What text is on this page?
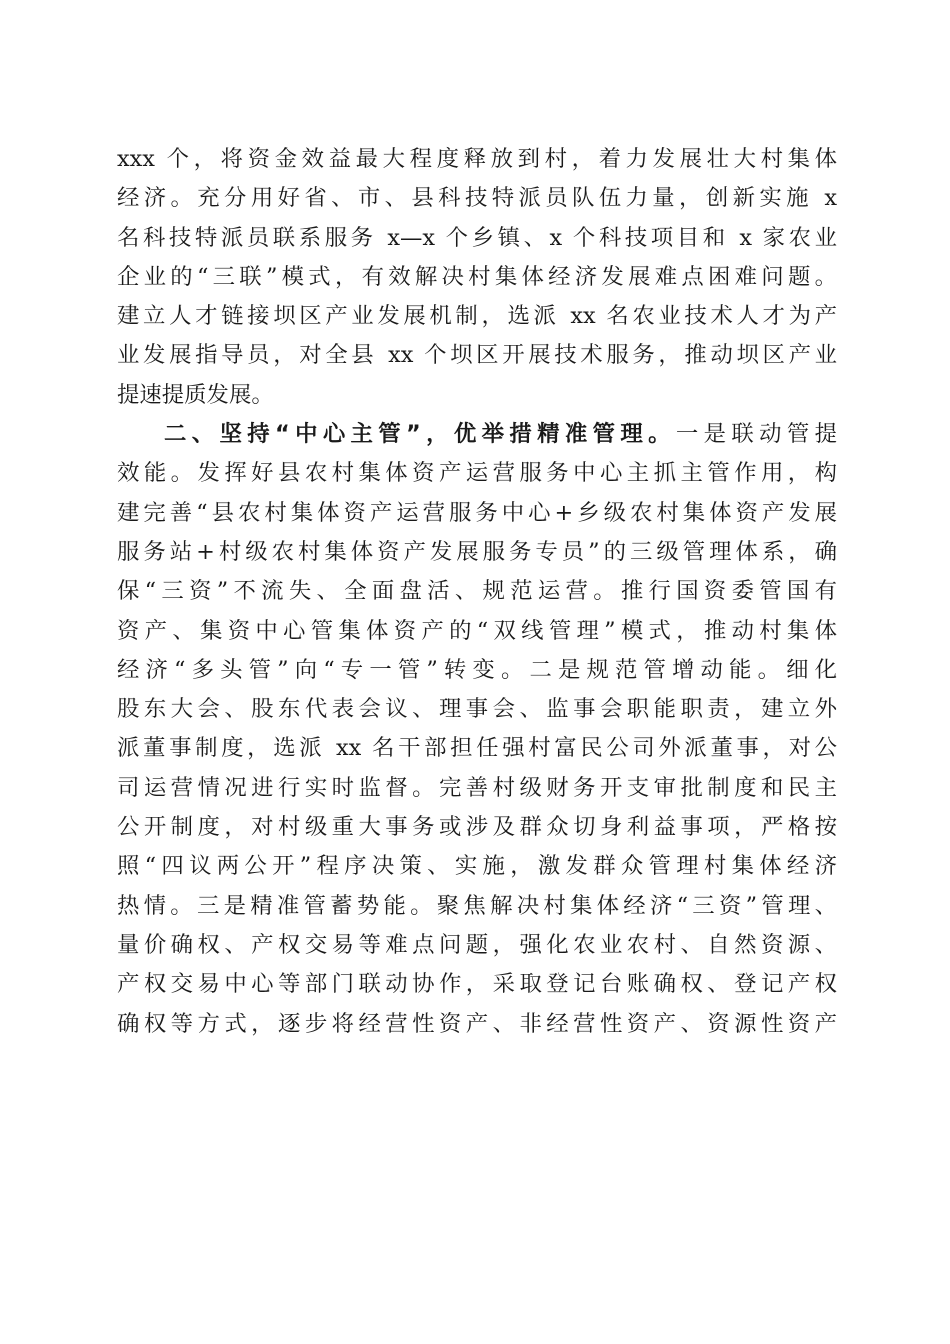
xxx 个，将资金效益最大程度释放到村，着力发展壮大村集体
经济。充分用好省、市、县科技特派员队伍力量，创新实施 x
名科技特派员联系服务 x—x 个乡镇、x 个科技项目和 x 家农业
企业的“三联”模式，有效解决村集体经济发展难点困难问题。
建立人才链接坝区产业发展机制，选派 xx 名农业技术人才为产
业发展指导员，对全县 xx 个坝区开展技术服务，推动坝区产业
提速提质发展。
二、坚持“中心主管”，优举措精准管理。一是联动管提
效能。发挥好县农村集体资产运营服务中心主抓主管作用，构
建完善“县农村集体资产运营服务中心+乡级农村集体资产发展
服务站+村级农村集体资产发展服务专员”的三级管理体系，确
保“三资”不流失、全面盘活、规范运营。推行国资委管国有
资产、集资中心管集体资产的“双线管理”模式，推动村集体
经济“多头管”向“专一管”转变。二是规范管增动能。细化
股东大会、股东代表会议、理事会、监事会职能职责，建立外
派董事制度，选派 xx 名干部担任强村富民公司外派董事，对公
司运营情况进行实时监督。完善村级财务开支审批制度和民主
公开制度，对村级重大事务或涉及群众切身利益事项，严格按
照“四议两公开”程序决策、实施，激发群众管理村集体经济
热情。三是精准管蓄势能。聚焦解决村集体经济“三资”管理、
量价确权、产权交易等难点问题，强化农业农村、自然资源、
产权交易中心等部门联动协作，采取登记台账确权、登记产权
确权等方式，逐步将经营性资产、非经营性资产、资源性资产
